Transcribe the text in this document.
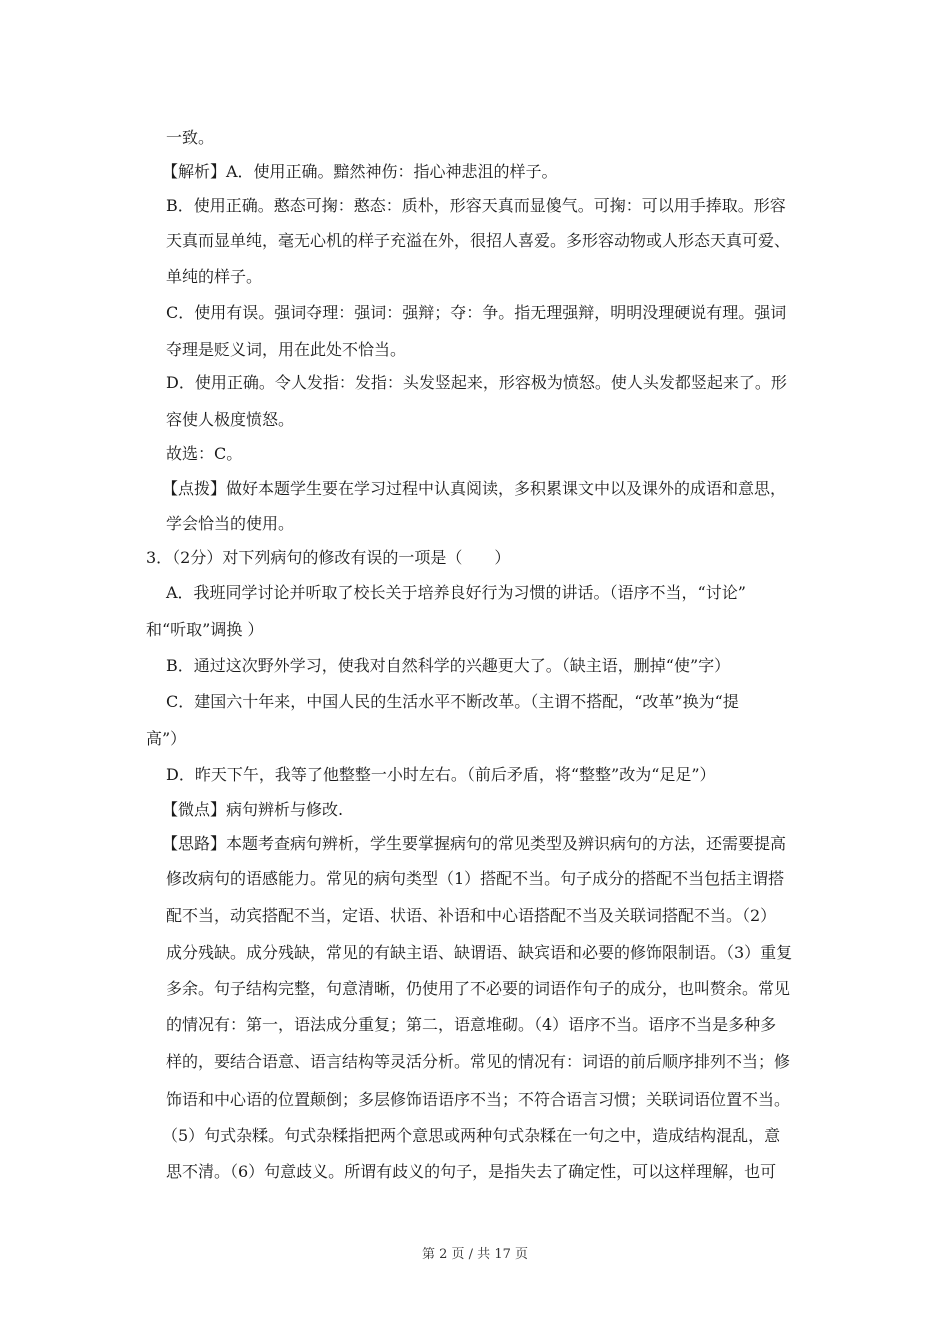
一致。
【解析】A．使用正确。黯然神伤：指心神悲沮的样子。
B．使用正确。憨态可掬：憨态：质朴，形容天真而显傻气。可掬：可以用手捧取。形容
天真而显单纯，毫无心机的样子充溢在外，很招人喜爱。多形容动物或人形态天真可爱、
单纯的样子。
C．使用有误。强词夺理：强词：强辩；夺：争。指无理强辩，明明没理硬说有理。强词
夺理是贬义词，用在此处不恰当。
D．使用正确。令人发指：发指：头发竖起来，形容极为愤怒。使人头发都竖起来了。形
容使人极度愤怒。
故选：C。
【点拨】做好本题学生要在学习过程中认真阅读，多积累课文中以及课外的成语和意思，
学会恰当的使用。
3．（2分）对下列病句的修改有误的一项是（　　）
A．我班同学讨论并听取了校长关于培养良好行为习惯的讲话。（语序不当，“讨论”
和“听取”调换 ）
B．通过这次野外学习，使我对自然科学的兴趣更大了。（缺主语，删掉“使”字）
C．建国六十年来，中国人民的生活水平不断改革。（主谓不搭配，“改革”换为“提
高”）
D．昨天下午，我等了他整整一小时左右。（前后矛盾，将“整整”改为“足足”）
【微点】病句辨析与修改.
【思路】本题考查病句辨析，学生要掌握病句的常见类型及辨识病句的方法，还需要提高
修改病句的语感能力。常见的病句类型（1）搭配不当。句子成分的搭配不当包括主谓搭
配不当，动宾搭配不当，定语、状语、补语和中心语搭配不当及关联词搭配不当。（2）
成分残缺。成分残缺，常见的有缺主语、缺谓语、缺宾语和必要的修饰限制语。（3）重复
多余。句子结构完整，句意清晰，仍使用了不必要的词语作句子的成分，也叫赘余。常见
的情况有：第一，语法成分重复；第二，语意堆砌。（4）语序不当。语序不当是多种多
样的，要结合语意、语言结构等灵活分析。常见的情况有：词语的前后顺序排列不当；修
饰语和中心语的位置颠倒；多层修饰语语序不当；不符合语言习惯；关联词语位置不当。
（5）句式杂糅。句式杂糅指把两个意思或两种句式杂糅在一句之中，造成结构混乱，意
思不清。（6）句意歧义。所谓有歧义的句子，是指失去了确定性，可以这样理解，也可
第 2 页 / 共 17 页
